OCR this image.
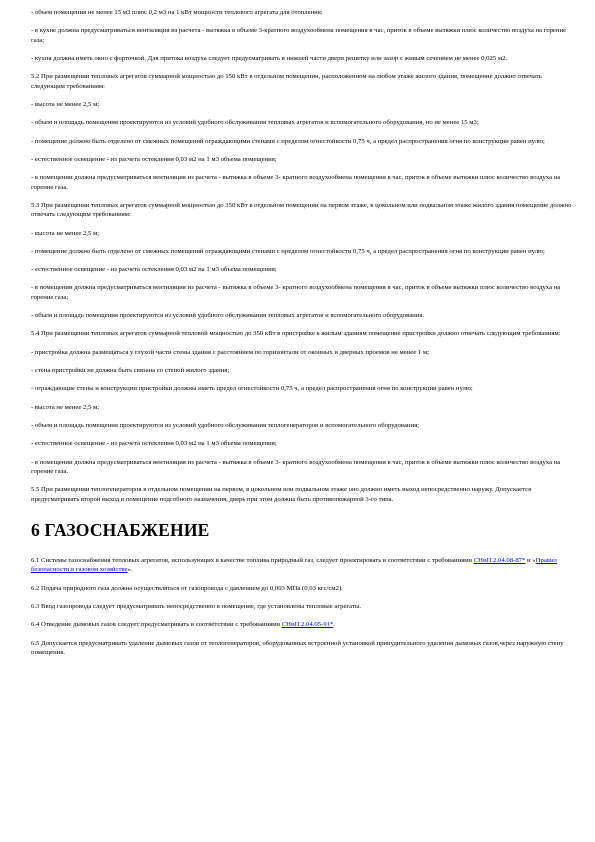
- объем помещения не менее 15 м3 плюс 0,2 м3 на 1 кВт мощности теплового агрегата для отопления;

- в кухне должна предусматриваться вентиляция из расчета - вытяжка в объеме 3-кратного воздухообмена помещения в час, приток в объеме вытяжки плюс количество воздуха на горение газа;

- кухня должна иметь окно с форточкой. Для притока воздуха следует предусматривать в нижней части двери решетку или зазор с живым сечением не менее 0,025 м2.

5.2 При размещении тепловых агрегатов суммарной мощностью до 150 кВт в отдельном помещении, расположенном на любом этаже жилого здания, помещение должно отвечать следующим требованиям:

- высота не менее 2,5 м;

- объем и площадь помещения проектируются из условий удобного обслуживания тепловых агрегатов и вспомогательного оборудования, но не менее 15 м3;

- помещение должно быть отделено от смежных помещений ограждающими стенами с пределом огнестойкости 0,75 ч, а предел распространения огня по конструкции равен нулю;

- естественное освещение - из расчета остекления 0,03 м2 на 1 м3 объема помещения;

- в помещении должна предусматриваться вентиляция из расчета - вытяжка в объеме 3- кратного воздухообмена помещения в час, приток в объеме вытяжки плюс количество воздуха на горение газа.

5.3 При размещении тепловых агрегатов суммарной мощностью до 350 кВт в отдельном помещении на первом этаже, в цокольном или подвальном этаже жилого здания помещение должно отвечать следующим требованиям:

- высота не менее 2,5 м;

- помещение должно быть отделено от смежных помещений ограждающими стенами с пределом огнестойкости 0,75 ч, а предел распространения огня по конструкции равен нулю;

- естественное освещение - из расчета остекления 0,03 м2 на 1 м3 объема помещения;

- в помещении должна предусматриваться вентиляция из расчета - вытяжка в объеме 3- кратного воздухообмена помещения в час, приток в объеме вытяжки плюс количество воздуха на горение газа;

- объем и площадь помещения проектируются из условий удобного обслуживания тепловых агрегатов и вспомогательного оборудования.

5.4 При размещении тепловых агрегатов суммарной тепловой мощностью до 350 кВт в пристройке к жилым зданиям помещение пристройки должно отвечать следующим требованиям:

- пристройка должна размещаться у глухой части стены здания с расстоянием по горизонтали от оконных и дверных проемов не менее 1 м;

- стена пристройки не должна быть связана со стеной жилого здания;

- ограждающие стены и конструкции пристройки должны иметь предел огнестойкости 0,75 ч, а предел распространения огня по конструкции равен нулю;

- высота не менее 2,5 м;

- объем и площадь помещения проектируются из условий удобного обслуживания теплогенераторов и вспомогательного оборудования;

- естественное освещение - из расчета остекления 0,03 м2 на 1 м3 объема помещения;

- в помещении должна предусматриваться вентиляция из расчета - вытяжка в объеме 3- кратного воздухообмена помещения в час, приток в объеме вытяжки плюс количество воздуха на горение газа.

5.5 При размещении теплогенераторов в отдельном помещении на первом, в цокольном или подвальном этаже оно должно иметь выход непосредственно наружу. Допускается предусматривать второй выход в помещение подсобного назначения, дверь при этом должна быть противопожарной 3-го типа.

6 ГАЗОСНАБЖЕНИЕ

6.1 Системы газоснабжения тепловых агрегатов, использующих в качестве топлива природный газ, следует проектировать в соответствии с требованиями СНиП 2.04.08-87* и «Правил безопасности в газовом хозяйстве».

6.2 Подача природного газа должна осуществляться от газопровода с давлением до 0,003 МПа (0,03 кгс/см2).

6.3 Ввод газопровода следует предусматривать непосредственно в помещение, где установлены тепловые агрегаты.

6.4 Отведение дымовых газов следует предусматривать в соответствии с требованиями СНиП 2.04.05-91*.

6.5 Допускается предусматривать удаление дымовых газов от теплогенераторов, оборудованных встроенной установкой принудительного удаления дымовых газов,через наружную стену помещения.
